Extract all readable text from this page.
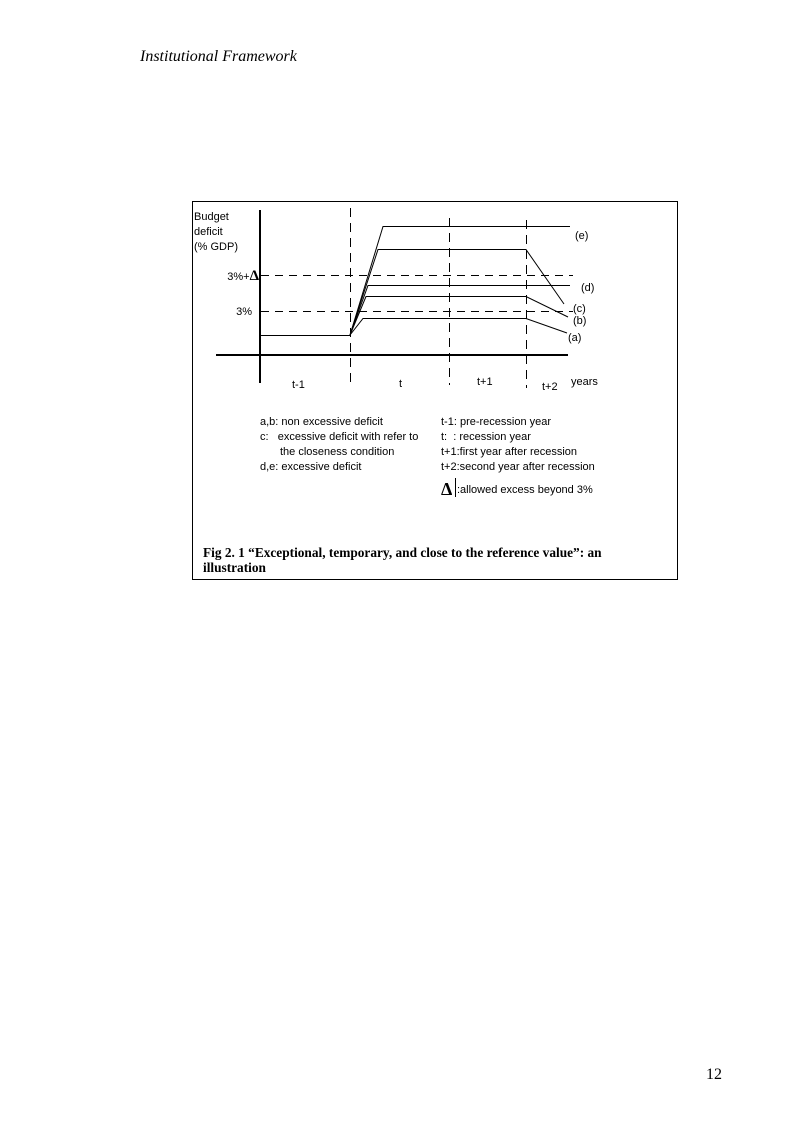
Institutional Framework
Budget
deficit
(% GDP)
3%+Δ
3%
(e)
(d)
(c)
(b)
(a)
t-1	t	t+1	t+2 years
a,b: non excessive deficit
c:   excessive deficit with refer to
the closeness condition
d,e: excessive deficit
t-1: pre-recession year
t:  : recession year
t+1:first year after recession
t+2:second year after recession
Δ :allowed excess beyond 3%
Fig 2. 1 “Exceptional, temporary, and close to the reference value”: an illustration
12
